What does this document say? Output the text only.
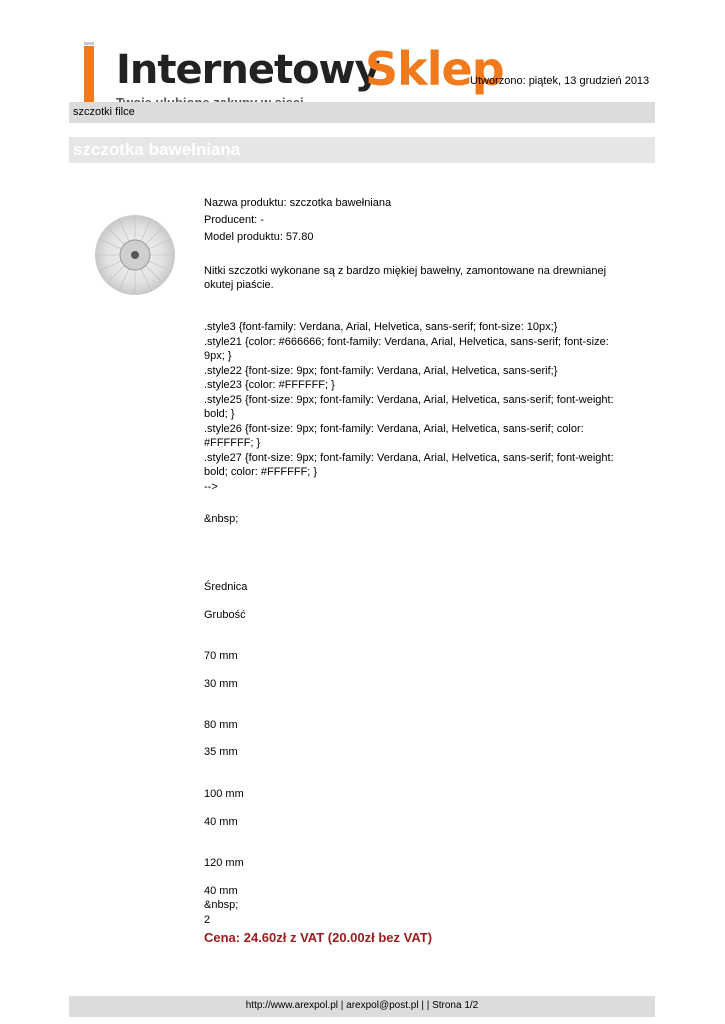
Internetowy
Sklep
Utworzono: piątek, 13 grudzień 2013
szczotki filce
szczotka bawełniana
Nazwa produktu: szczotka bawełniana
Producent: -
Model produktu: 57.80
Nitki szczotki wykonane są z bardzo miękiej bawełny, zamontowane na drewnianej
okutej piaście.
.style3 {font-family: Verdana, Arial, Helvetica, sans-serif; font-size: 10px;}
.style21 {color: #666666; font-family: Verdana, Arial, Helvetica, sans-serif; font-size:
9px; }
.style22 {font-size: 9px; font-family: Verdana, Arial, Helvetica, sans-serif;}
.style23 {color: #FFFFFF; }
.style25 {font-size: 9px; font-family: Verdana, Arial, Helvetica, sans-serif; font-weight:
bold; }
.style26 {font-size: 9px; font-family: Verdana, Arial, Helvetica, sans-serif; color:
#FFFFFF; }
.style27 {font-size: 9px; font-family: Verdana, Arial, Helvetica, sans-serif; font-weight:
bold; color: #FFFFFF; }
-->
&nbsp;
Średnica
Grubość
70 mm
30 mm
80 mm
35 mm
100 mm
40 mm
120 mm
40 mm
&nbsp;
2
Cena: 24.60zł z VAT (20.00zł bez VAT)
http://www.arexpol.pl | arexpol@post.pl | | Strona 1/2
